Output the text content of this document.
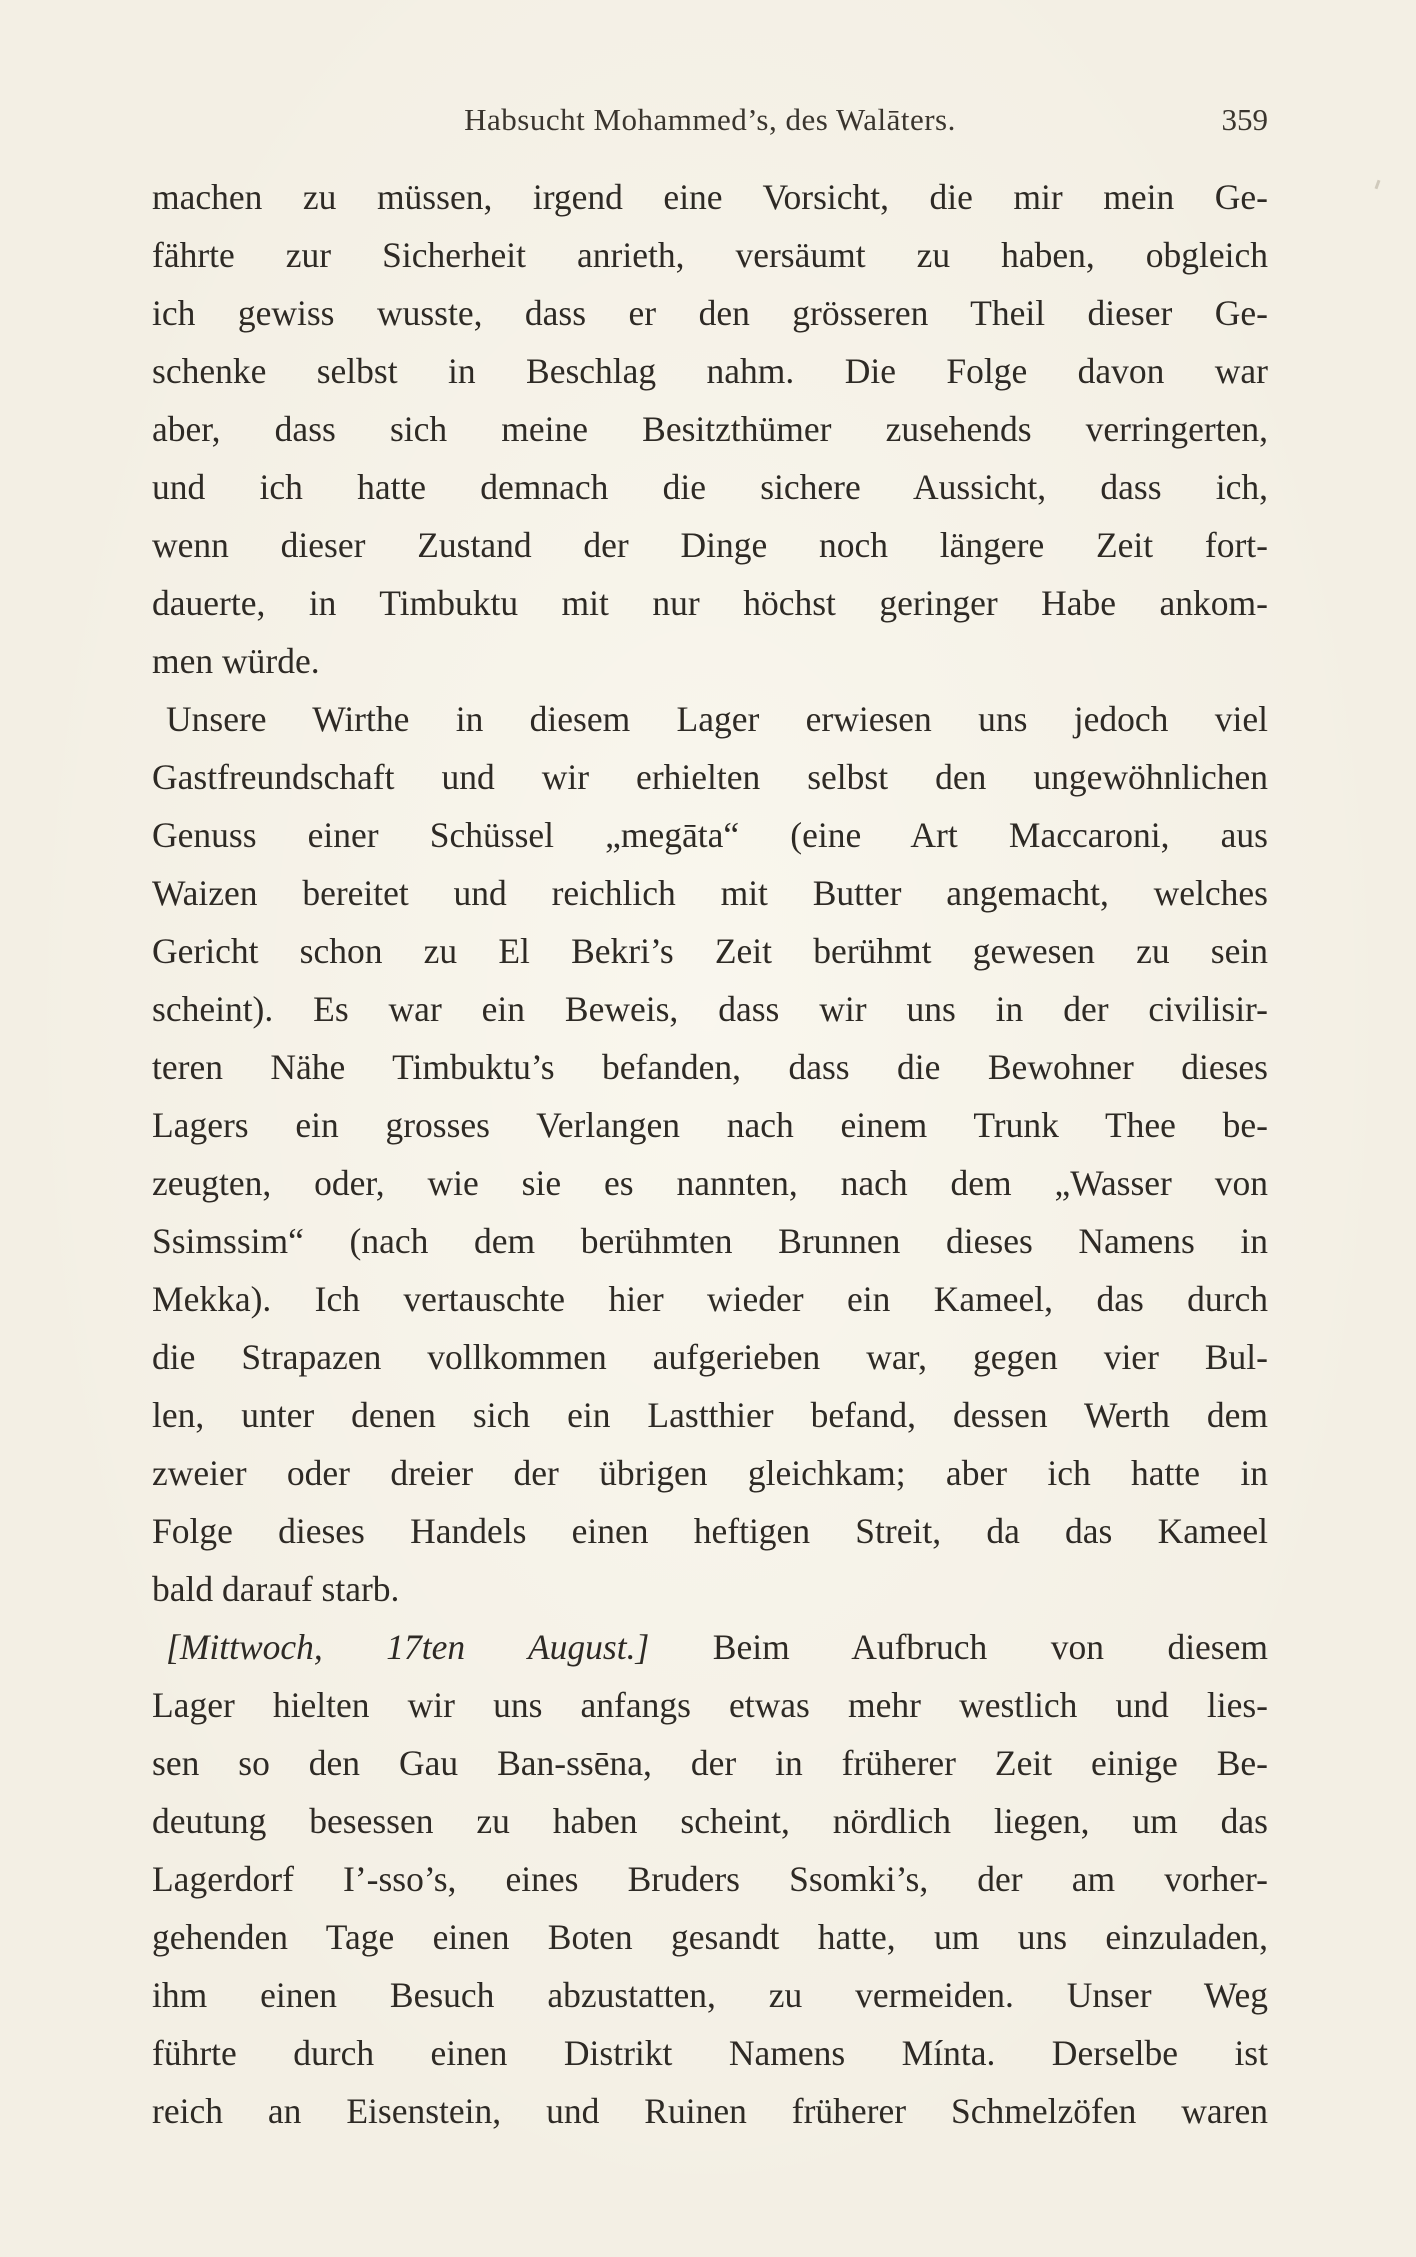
Habsucht Mohammed’s, des Walāters.	359
machen zu müssen, irgend eine Vorsicht, die mir mein Ge-
fährte zur Sicherheit anrieth, versäumt zu haben, obgleich
ich gewiss wusste, dass er den grösseren Theil dieser Ge-
schenke selbst in Beschlag nahm. Die Folge davon war
aber, dass sich meine Besitzthümer zusehends verringerten,
und ich hatte demnach die sichere Aussicht, dass ich,
wenn dieser Zustand der Dinge noch längere Zeit fort-
dauerte, in Timbuktu mit nur höchst geringer Habe ankom-
men würde.
Unsere Wirthe in diesem Lager erwiesen uns jedoch viel
Gastfreundschaft und wir erhielten selbst den ungewöhnlichen
Genuss einer Schüssel „megāta“ (eine Art Maccaroni, aus
Waizen bereitet und reichlich mit Butter angemacht, welches
Gericht schon zu El Bekri’s Zeit berühmt gewesen zu sein
scheint). Es war ein Beweis, dass wir uns in der civilisir-
teren Nähe Timbuktu’s befanden, dass die Bewohner dieses
Lagers ein grosses Verlangen nach einem Trunk Thee be-
zeugten, oder, wie sie es nannten, nach dem „Wasser von
Ssimssim“ (nach dem berühmten Brunnen dieses Namens in
Mekka). Ich vertauschte hier wieder ein Kameel, das durch
die Strapazen vollkommen aufgerieben war, gegen vier Bul-
len, unter denen sich ein Lastthier befand, dessen Werth dem
zweier oder dreier der übrigen gleichkam; aber ich hatte in
Folge dieses Handels einen heftigen Streit, da das Kameel
bald darauf starb.
[Mittwoch, 17ten August.] Beim Aufbruch von diesem
Lager hielten wir uns anfangs etwas mehr westlich und lies-
sen so den Gau Ban-ssēna, der in früherer Zeit einige Be-
deutung besessen zu haben scheint, nördlich liegen, um das
Lagerdorf I’-sso’s, eines Bruders Ssomki’s, der am vorher-
gehenden Tage einen Boten gesandt hatte, um uns einzuladen,
ihm einen Besuch abzustatten, zu vermeiden. Unser Weg
führte durch einen Distrikt Namens Mínta. Derselbe ist
reich an Eisenstein, und Ruinen früherer Schmelzöfen waren
